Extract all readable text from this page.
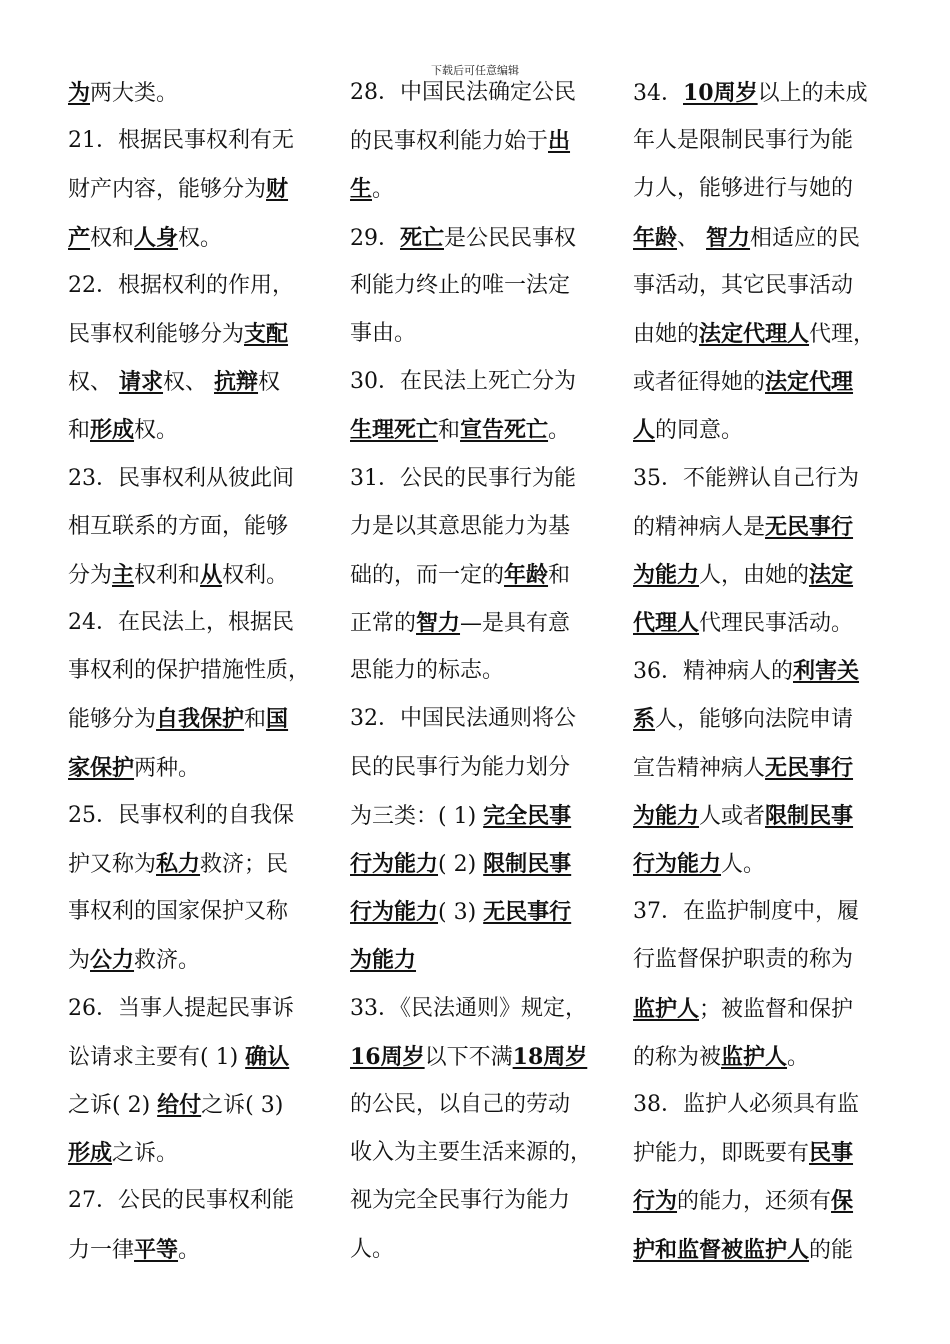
下载后可任意编辑
为两大类。
21．根据民事权利有无
财产内容，能够分为财
产权和人身权。
22．根据权利的作用，
民事权利能够分为支配
权、 请求权、 抗辩权
和形成权。
23．民事权利从彼此间
相互联系的方面，能够
分为主权利和从权利。
24．在民法上，根据民
事权利的保护措施性质，
能够分为自我保护和国
家保护两种。
25．民事权利的自我保
护又称为私力救济；民
事权利的国家保护又称
为公力救济。
26．当事人提起民事诉
讼请求主要有( 1) 确认
之诉( 2) 给付之诉( 3)
形成之诉。
27．公民的民事权利能
力一律平等。
28．中国民法确定公民
的民事权利能力始于出
生。
29．死亡是公民民事权
利能力终止的唯一法定
事由。
30．在民法上死亡分为
生理死亡和宣告死亡。
31．公民的民事行为能
力是以其意思能力为基
础的，而一定的年龄和
正常的智力—是具有意
思能力的标志。
32．中国民法通则将公
民的民事行为能力划分
为三类：( 1) 完全民事
行为能力( 2) 限制民事
行为能力( 3) 无民事行
为能力
33．《民法通则》规定，
16周岁以下不满18周岁
的公民，以自己的劳动
收入为主要生活来源的，
视为完全民事行为能力
人。
34．10周岁以上的未成
年人是限制民事行为能
力人，能够进行与她的
年龄、 智力相适应的民
事活动，其它民事活动
由她的法定代理人代理，
或者征得她的法定代理
人的同意。
35．不能辨认自己行为
的精神病人是无民事行
为能力人，由她的法定
代理人代理民事活动。
36．精神病人的利害关
系人，能够向法院申请
宣告精神病人无民事行
为能力人或者限制民事
行为能力人。
37．在监护制度中，履
行监督保护职责的称为
监护人；被监督和保护
的称为被监护人。
38．监护人必须具有监
护能力，即既要有民事
行为的能力，还须有保
护和监督被监护人的能
